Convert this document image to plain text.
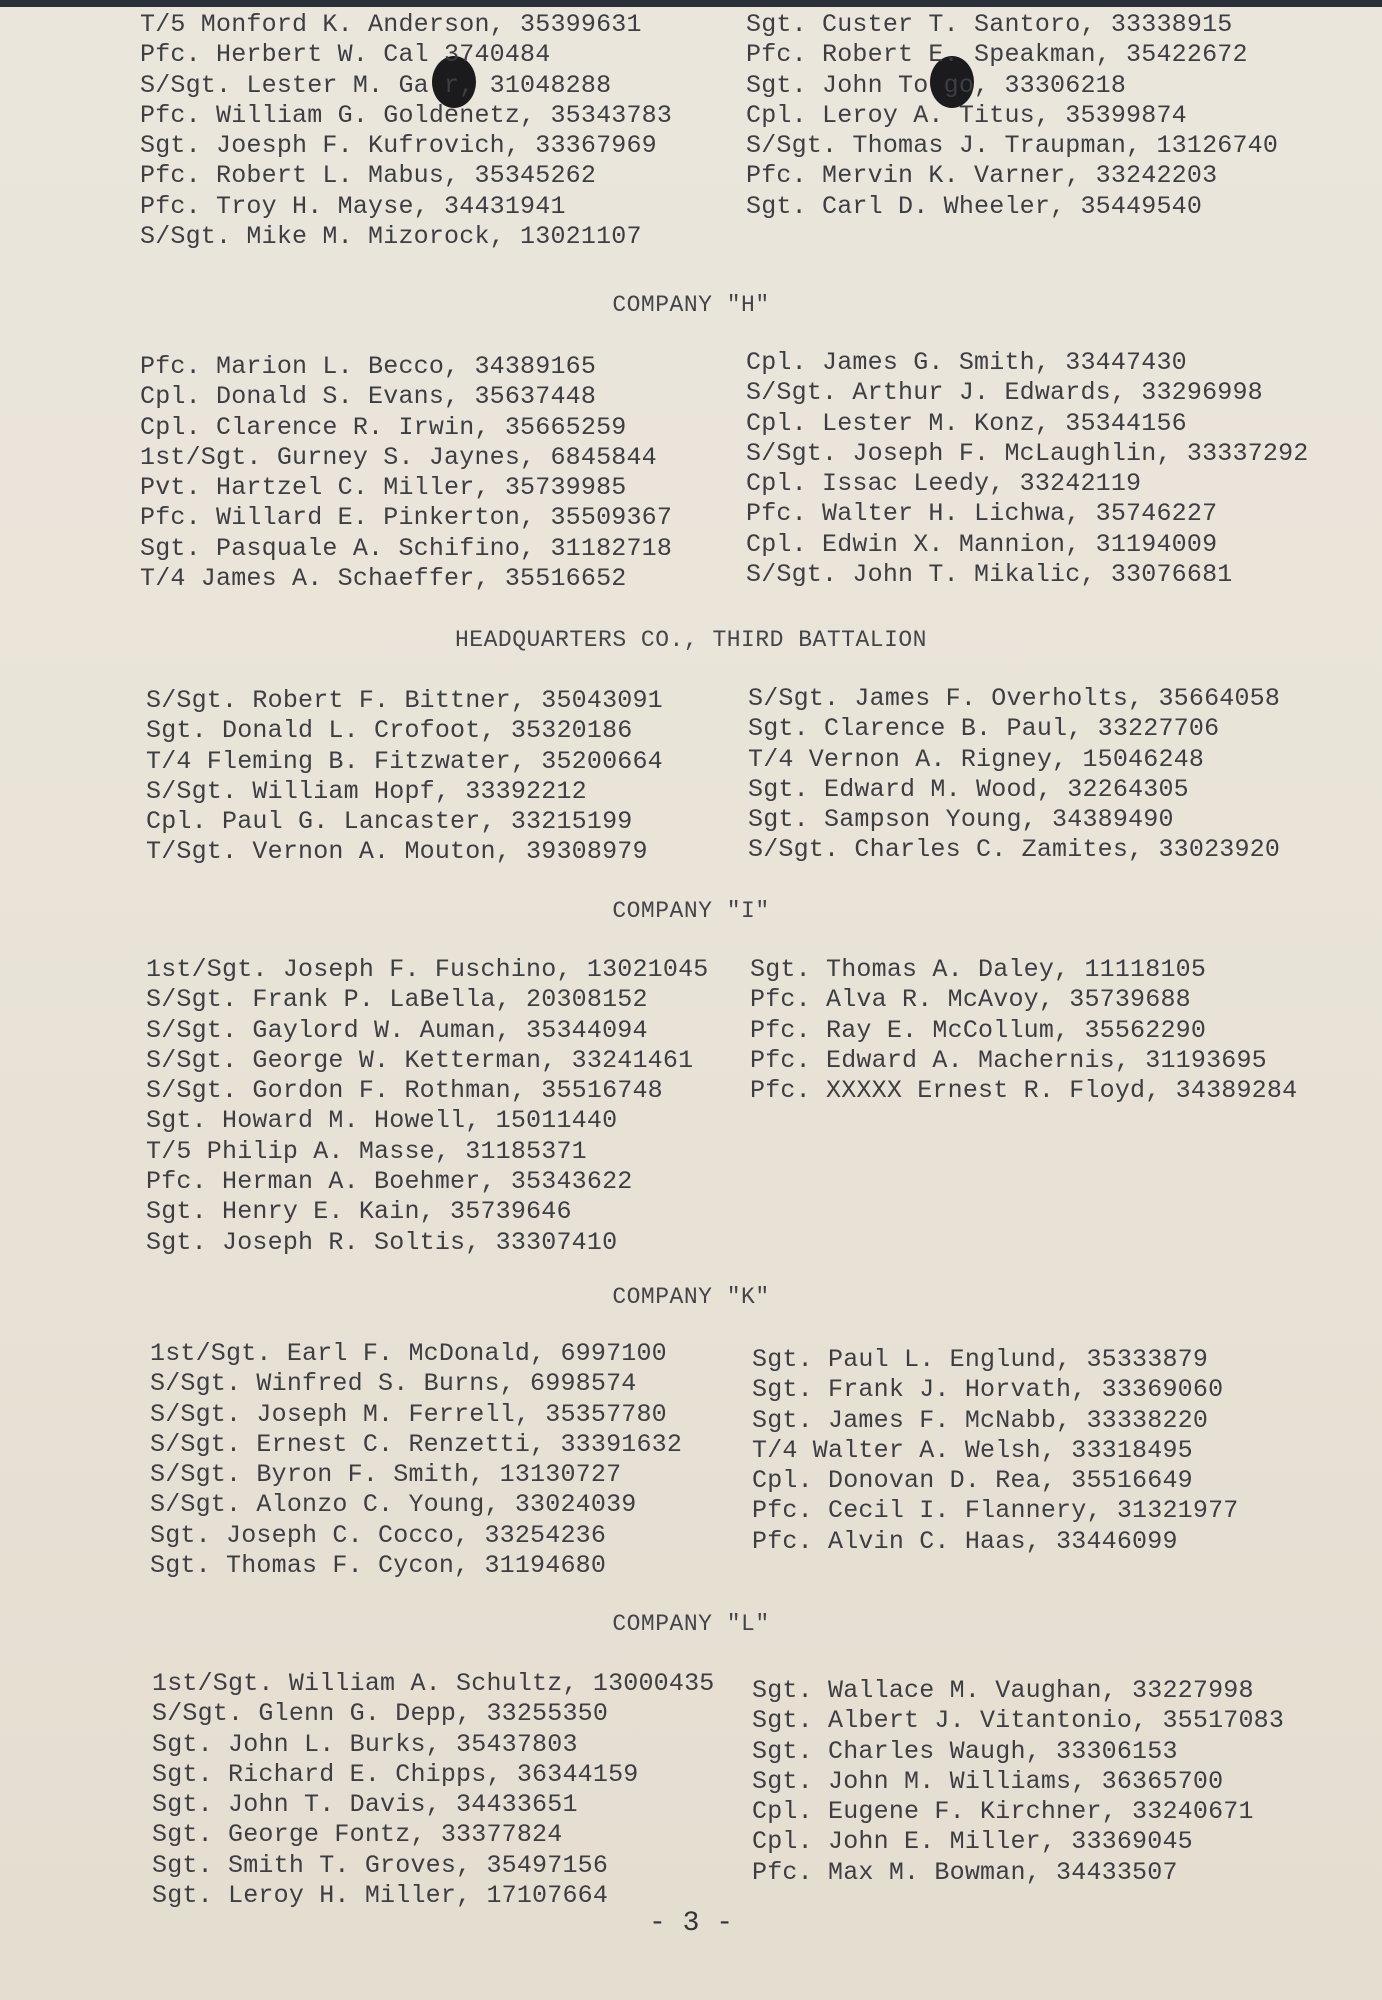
T/5 Monford K. Anderson, 35399631
Pfc. Herbert W. Cal 3740484
S/Sgt. Lester M. Ga r, 31048288
Pfc. William G. Goldenetz, 35343783
Sgt. Joesph F. Kufrovich, 33367969
Pfc. Robert L. Mabus, 35345262
Pfc. Troy H. Mayse, 34431941
S/Sgt. Mike M. Mizorock, 13021107
Sgt. Custer T. Santoro, 33338915
Pfc. Robert E. Speakman, 35422672
Sgt. John To go, 33306218
Cpl. Leroy A. Titus, 35399874
S/Sgt. Thomas J. Traupman, 13126740
Pfc. Mervin K. Varner, 33242203
Sgt. Carl D. Wheeler, 35449540
COMPANY "H"
Pfc. Marion L. Becco, 34389165
Cpl. Donald S. Evans, 35637448
Cpl. Clarence R. Irwin, 35665259
1st/Sgt. Gurney S. Jaynes, 6845844
Pvt. Hartzel C. Miller, 35739985
Pfc. Willard E. Pinkerton, 35509367
Sgt. Pasquale A. Schifino, 31182718
T/4 James A. Schaeffer, 35516652
Cpl. James G. Smith, 33447430
S/Sgt. Arthur J. Edwards, 33296998
Cpl. Lester M. Konz, 35344156
S/Sgt. Joseph F. McLaughlin, 33337292
Cpl. Issac Leedy, 33242119
Pfc. Walter H. Lichwa, 35746227
Cpl. Edwin X. Mannion, 31194009
S/Sgt. John T. Mikalic, 33076681
HEADQUARTERS CO., THIRD BATTALION
S/Sgt. Robert F. Bittner, 35043091
Sgt. Donald L. Crofoot, 35320186
T/4 Fleming B. Fitzwater, 35200664
S/Sgt. William Hopf, 33392212
Cpl. Paul G. Lancaster, 33215199
T/Sgt. Vernon A. Mouton, 39308979
S/Sgt. James F. Overholts, 35664058
Sgt. Clarence B. Paul, 33227706
T/4 Vernon A. Rigney, 15046248
Sgt. Edward M. Wood, 32264305
Sgt. Sampson Young, 34389490
S/Sgt. Charles C. Zamites, 33023920
COMPANY "I"
1st/Sgt. Joseph F. Fuschino, 13021045
S/Sgt. Frank P. LaBella, 20308152
S/Sgt. Gaylord W. Auman, 35344094
S/Sgt. George W. Ketterman, 33241461
S/Sgt. Gordon F. Rothman, 35516748
Sgt. Howard M. Howell, 15011440
T/5 Philip A. Masse, 31185371
Pfc. Herman A. Boehmer, 35343622
Sgt. Henry E. Kain, 35739646
Sgt. Joseph R. Soltis, 33307410
Sgt. Thomas A. Daley, 11118105
Pfc. Alva R. McAvoy, 35739688
Pfc. Ray E. McCollum, 35562290
Pfc. Edward A. Machernis, 31193695
Pfc. XXXXX Ernest R. Floyd, 34389284
COMPANY "K"
1st/Sgt. Earl F. McDonald, 6997100
S/Sgt. Winfred S. Burns, 6998574
S/Sgt. Joseph M. Ferrell, 35357780
S/Sgt. Ernest C. Renzetti, 33391632
S/Sgt. Byron F. Smith, 13130727
S/Sgt. Alonzo C. Young, 33024039
Sgt. Joseph C. Cocco, 33254236
Sgt. Thomas F. Cycon, 31194680
Sgt. Paul L. Englund, 35333879
Sgt. Frank J. Horvath, 33369060
Sgt. James F. McNabb, 33338220
T/4 Walter A. Welsh, 33318495
Cpl. Donovan D. Rea, 35516649
Pfc. Cecil I. Flannery, 31321977
Pfc. Alvin C. Haas, 33446099
COMPANY "L"
1st/Sgt. William A. Schultz, 13000435
S/Sgt. Glenn G. Depp, 33255350
Sgt. John L. Burks, 35437803
Sgt. Richard E. Chipps, 36344159
Sgt. John T. Davis, 34433651
Sgt. George Fontz, 33377824
Sgt. Smith T. Groves, 35497156
Sgt. Leroy H. Miller, 17107664
Sgt. Wallace M. Vaughan, 33227998
Sgt. Albert J. Vitantonio, 35517083
Sgt. Charles Waugh, 33306153
Sgt. John M. Williams, 36365700
Cpl. Eugene F. Kirchner, 33240671
Cpl. John E. Miller, 33369045
Pfc. Max M. Bowman, 34433507
- 3 -
